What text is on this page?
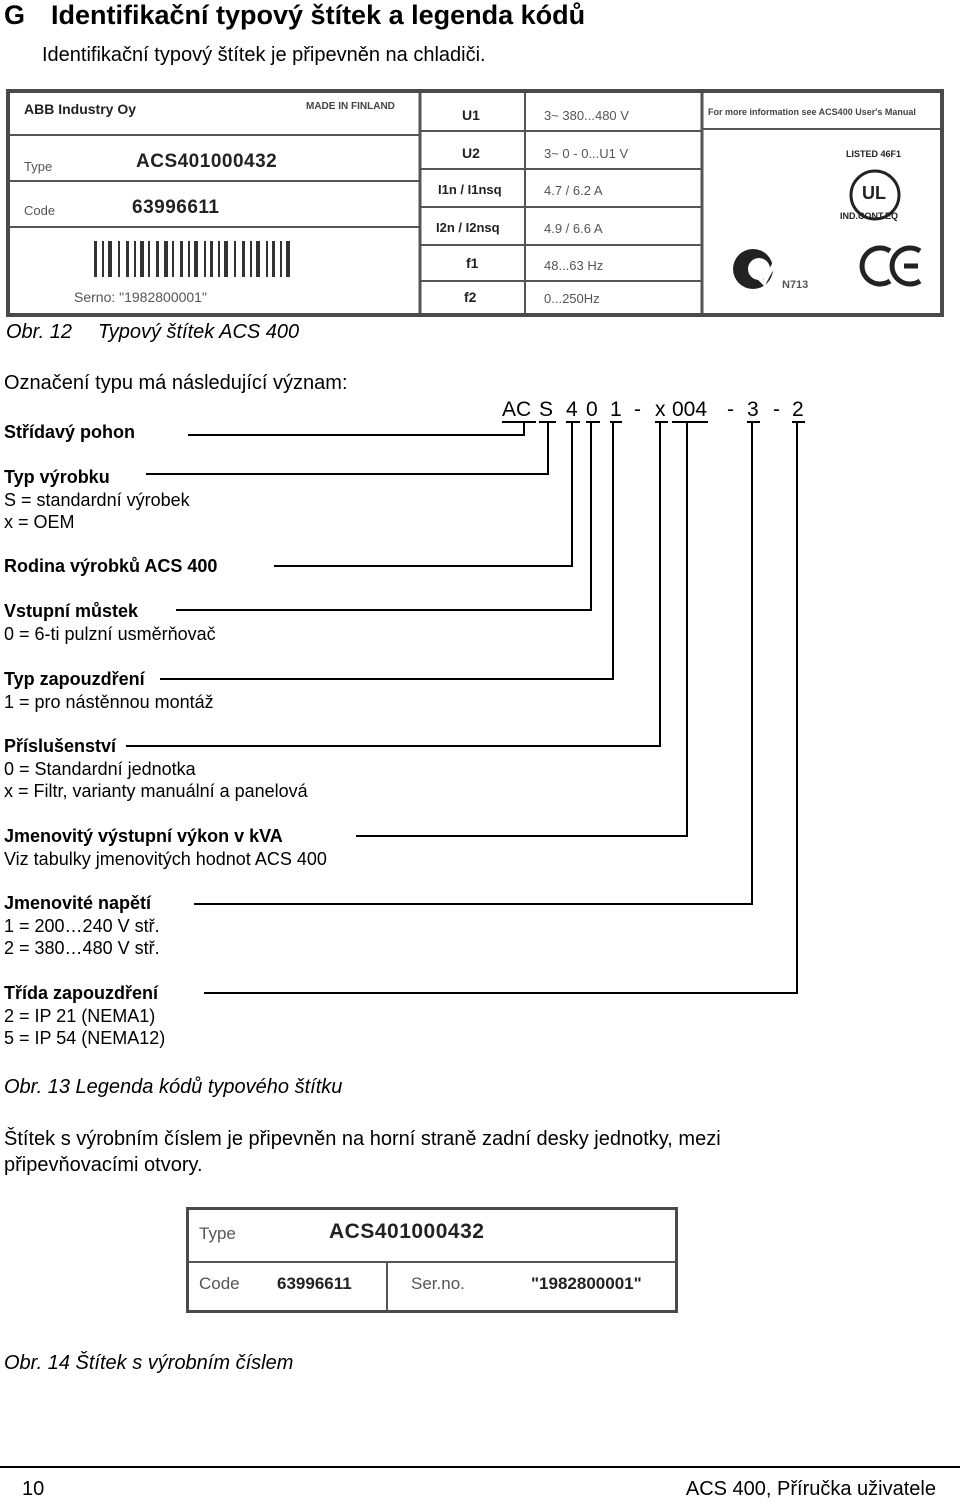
G Identifikační typový štítek a legenda kódů
Identifikační typový štítek je připevněn na chladiči.
ABB Industry Oy	MADE IN FINLAND
Type	ACS401000432
Code	63996611
Serno: "1982800001"
U1	3~ 380...480 V
U2	3~ 0 - 0...U1 V
I1n / I1nsq	4.7 / 6.2 A
I2n / I2nsq	4.9 / 6.6 A
f1	48...63 Hz
f2	0...250Hz
For more information see ACS400 User's Manual
LISTED 46F1
UL
IND.CONT.EQ
N713
Obr. 12 Typový štítek ACS 400
Označení typu má následující význam:
AC S 4 0 1 - x 004 - 3 - 2
Střídavý pohon
Typ výrobku
S = standardní výrobek
x = OEM
Rodina výrobků ACS 400
Vstupní můstek
0 = 6-ti pulzní usměrňovač
Typ zapouzdření
1 = pro nástěnnou montáž
Příslušenství
0 = Standardní jednotka
x = Filtr, varianty manuální a panelová
Jmenovitý výstupní výkon v kVA
Viz tabulky jmenovitých hodnot ACS 400
Jmenovité napětí
1 = 200…240 V stř.
2 = 380…480 V stř.
Třída zapouzdření
2 = IP 21 (NEMA1)
5 = IP 54 (NEMA12)
Obr. 13 Legenda kódů typového štítku
Štítek s výrobním číslem je připevněn na horní straně zadní desky jednotky, mezi připevňovacími otvory.
Type	ACS401000432
Code 63996611	Ser.no.	"1982800001"
Obr. 14 Štítek s výrobním číslem
10	ACS 400, Příručka uživatele
